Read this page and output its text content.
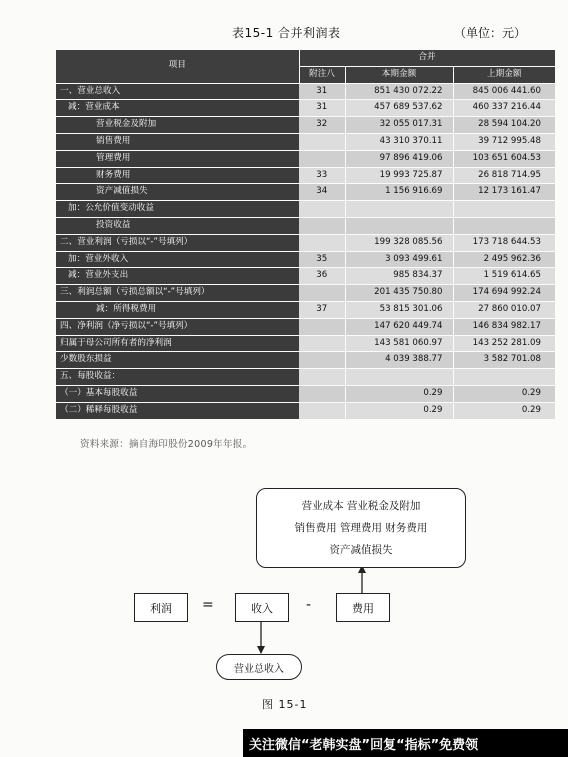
表15-1 合并利润表	（单位：元）
项目	合并		
	附注八	本期金额	上期金额
一、营业总收入	31	851 430 072.22	845 006 441.60
减：营业成本	31	457 689 537.62	460 337 216.44
营业税金及附加	32	32 055 017.31	28 594 104.20
销售费用		43 310 370.11	39 712 995.48
管理费用		97 896 419.06	103 651 604.53
财务费用	33	19 993 725.87	26 818 714.95
资产减值损失	34	1 156 916.69	12 173 161.47
加：公允价值变动收益			
投资收益			
二、营业利润（亏损以“-”号填列）		199 328 085.56	173 718 644.53
加：营业外收入	35	3 093 499.61	2 495 962.36
减：营业外支出	36	985 834.37	1 519 614.65
三、利润总额（亏损总额以“-”号填列）		201 435 750.80	174 694 992.24
减：所得税费用	37	53 815 301.06	27 860 010.07
四、净利润（净亏损以“-”号填列）		147 620 449.74	146 834 982.17
归属于母公司所有者的净利润		143 581 060.97	143 252 281.09
少数股东损益		4 039 388.77	3 582 701.08
五、每股收益：			
（一）基本每股收益		0.29	0.29
（二）稀释每股收益		0.29	0.29
资料来源：摘自海印股份2009年年报。
营业成本 营业税金及附加
销售费用 管理费用 财务费用
资产减值损失
利润	=	收入	-	费用
营业总收入
图 15-1
关注微信“老韩实盘”回复“指标”免费领
